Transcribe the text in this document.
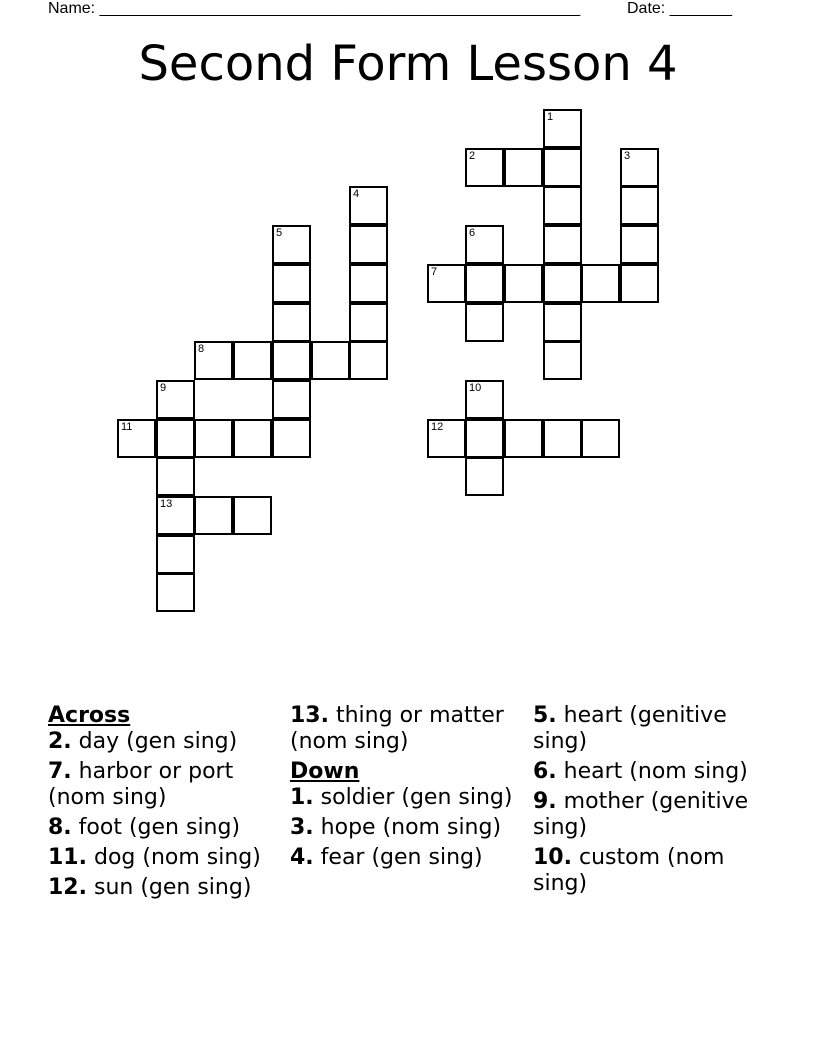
Name: ______________________________________________________	Date: _______
Second Form Lesson 4
1
2	3
4
5	6
7
8
9	10
11	12
13
Across
2. day (gen sing)
7. harbor or port (nom sing)
8. foot (gen sing)
11. dog (nom sing)
12. sun (gen sing)
13. thing or matter (nom sing)
Down
1. soldier (gen sing)
3. hope (nom sing)
4. fear (gen sing)
5. heart (genitive sing)
6. heart (nom sing)
9. mother (genitive sing)
10. custom (nom sing)
